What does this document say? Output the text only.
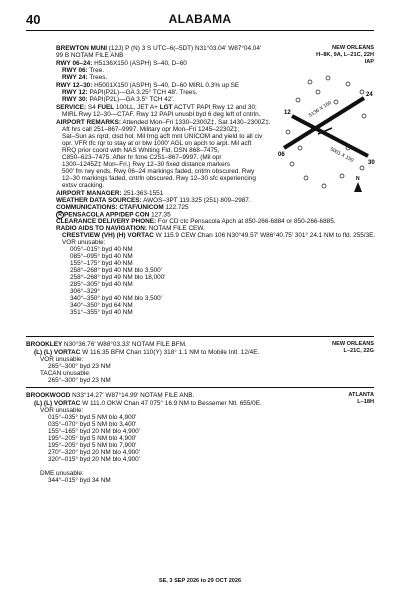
40	ALABAMA
BREWTON MUNI (12J) P (N) 3 S UTC–6(–5DT) N31°03.04′ W87°04.04′
99 B NOTAM FILE ANB
NEW ORLEANS
H–8K, 9A, L–21C, 22H
IAP
RWY 06–24: H5136X150 (ASPH) S–40, D–60
RWY 06: Tree.
RWY 24: Trees.
RWY 12–30: H5001X150 (ASPH) S–40, D–60 MIRL 0.3% up SE
RWY 12: PAPI(P2L)—GA 3.25° TCH 48′. Trees.
RWY 30: PAPI(P2L)—GA 3.5° TCH 42′.
SERVICE: S4 FUEL 100LL, JET A+ LGT ACTVT PAPI Rwy 12 and 30;
MIRL Rwy 12–30—CTAF. Rwy 12 PAPI unusbl byd 6 deg left of cntrln.
AIRPORT REMARKS: Attended Mon–Fri 1330–2300Z‡, Sat 1430–2300Z‡.
Aft hrs call 251–867–9997. Military opr Mon–Fri 1245–2230Z‡;
Sat–Sun as rqrd; clsd hol. Mil trng acft mnt UNICOM and yield to all civ
opr. VFR tfc rqr to stay at or blw 1000′ AGL on apch to arpt. Mil acft
RRQ prior coord with NAS Whiting Fld, DSN 868–7475,
C850–623–7475. After hr fone C251–867–9997. (Mil opr
1300–1245Z‡ Mon–Fri.) Rwy 12–30 fixed distance markers
500′ fm rwy ends. Rwy 06–24 markings faded, cntrln obscured. Rwy
12–30 markings faded, cntrln obscured. Rwy 12–30 sfc experiencing
extsv cracking.
AIRPORT MANAGER: 251-363-1551
WEATHER DATA SOURCES: AWOS–3PT 119.325 (251) 809–2987.
COMMUNICATIONS: CTAF/UNICOM 122.725
R PENSACOLA APP/DEP CON 127.35
CLEARANCE DELIVERY PHONE: For CD ctc Pensacola Apch at 850-266-6884 or 850-266-6885.
RADIO AIDS TO NAVIGATION: NOTAM FILE CEW.
CRESTVIEW (VH) (H) VORTAC W 115.9 CEW Chan 106 N30°49.57′ W86°40.75′ 301° 24.1 NM to fld. 255/3E.
VOR unusable:
005°–015° byd 40 NM
085°–095° byd 40 NM
155°–175° byd 40 NM
258°–268° byd 40 NM blo 3,500′
258°–268° byd 49 NM blo 18,000′
285°–305° byd 40 NM
306°–329°
340°–350° byd 40 NM blo 3,500′
340°–350° byd 64 NM
351°–355° byd 40 NM
5136 X 150
5001 X 150
24
30
06
12
N
BROOKLEY N30°36.76′ W88°03.33′ NOTAM FILE BFM.	NEW ORLEANS
L–21C, 22G
(L) (L) VORTAC W 116.35 BFM Chan 110(Y) 318° 1.1 NM to Mobile Intl. 12/4E.
VOR unusable:
265°–300° byd 23 NM
TACAN unusable:
265°–300° byd 23 NM
BROOKWOOD N33°14.27′ W87°14.99′ NOTAM FILE ANB.	ATLANTA
L–18H
(L) (L) VORTAC W 111.0 OKW Chan 47 075° 16.9 NM to Bessemer Ntl. 655/0E.
VOR unusable:
015°–035° byd 5 NM blo 4,900′
035°–070° byd 5 NM blo 3,400′
155°–165° byd 20 NM blo 4,900′
195°–205° byd 5 NM blo 4,900′
195°–205° byd 5 NM blo 7,900′
270°–320° byd 20 NM blo 4,900′
320°–015° byd 20 NM blo 4,900′
DME unusable:
344°–015° byd 34 NM
SE, 3 SEP 2026 to 29 OCT 2026
